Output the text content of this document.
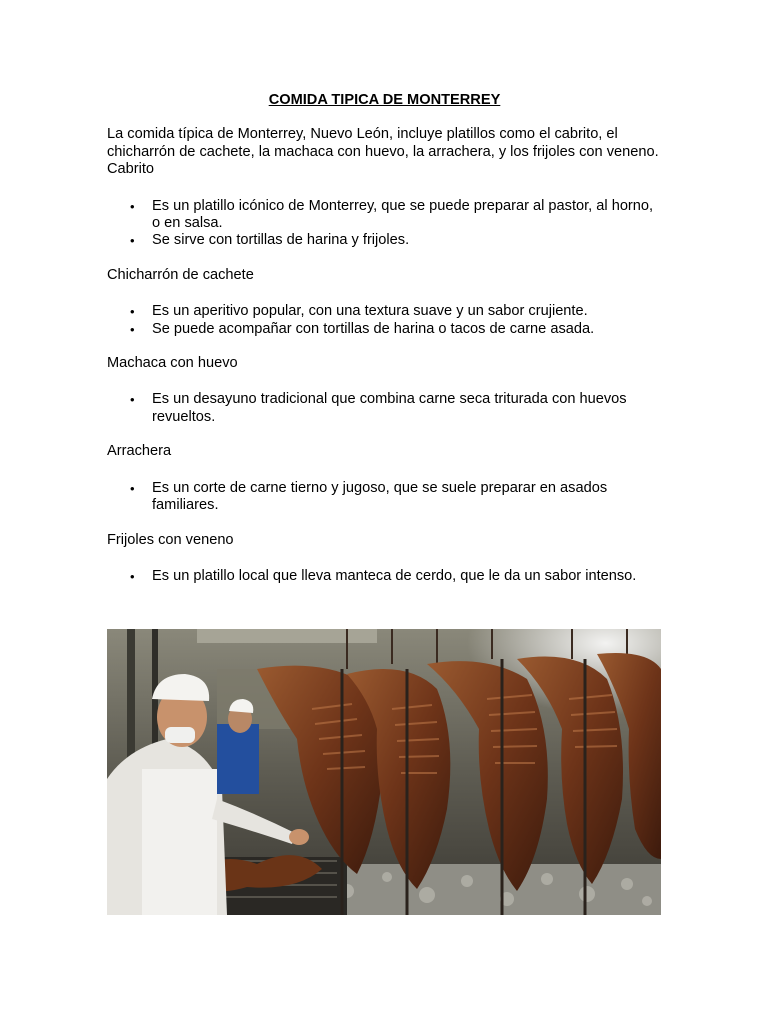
COMIDA TIPICA DE MONTERREY

La comida típica de Monterrey, Nuevo León, incluye platillos como el cabrito, el chicharrón de cachete, la machaca con huevo, la arrachera, y los frijoles con veneno.

Cabrito

• Es un platillo icónico de Monterrey, que se puede preparar al pastor, al horno, o en salsa.
• Se sirve con tortillas de harina y frijoles.

Chicharrón de cachete

• Es un aperitivo popular, con una textura suave y un sabor crujiente.
• Se puede acompañar con tortillas de harina o tacos de carne asada.

Machaca con huevo

• Es un desayuno tradicional que combina carne seca triturada con huevos revueltos.

Arrachera

• Es un corte de carne tierno y jugoso, que se suele preparar en asados familiares.

Frijoles con veneno

• Es un platillo local que lleva manteca de cerdo, que le da un sabor intenso.
